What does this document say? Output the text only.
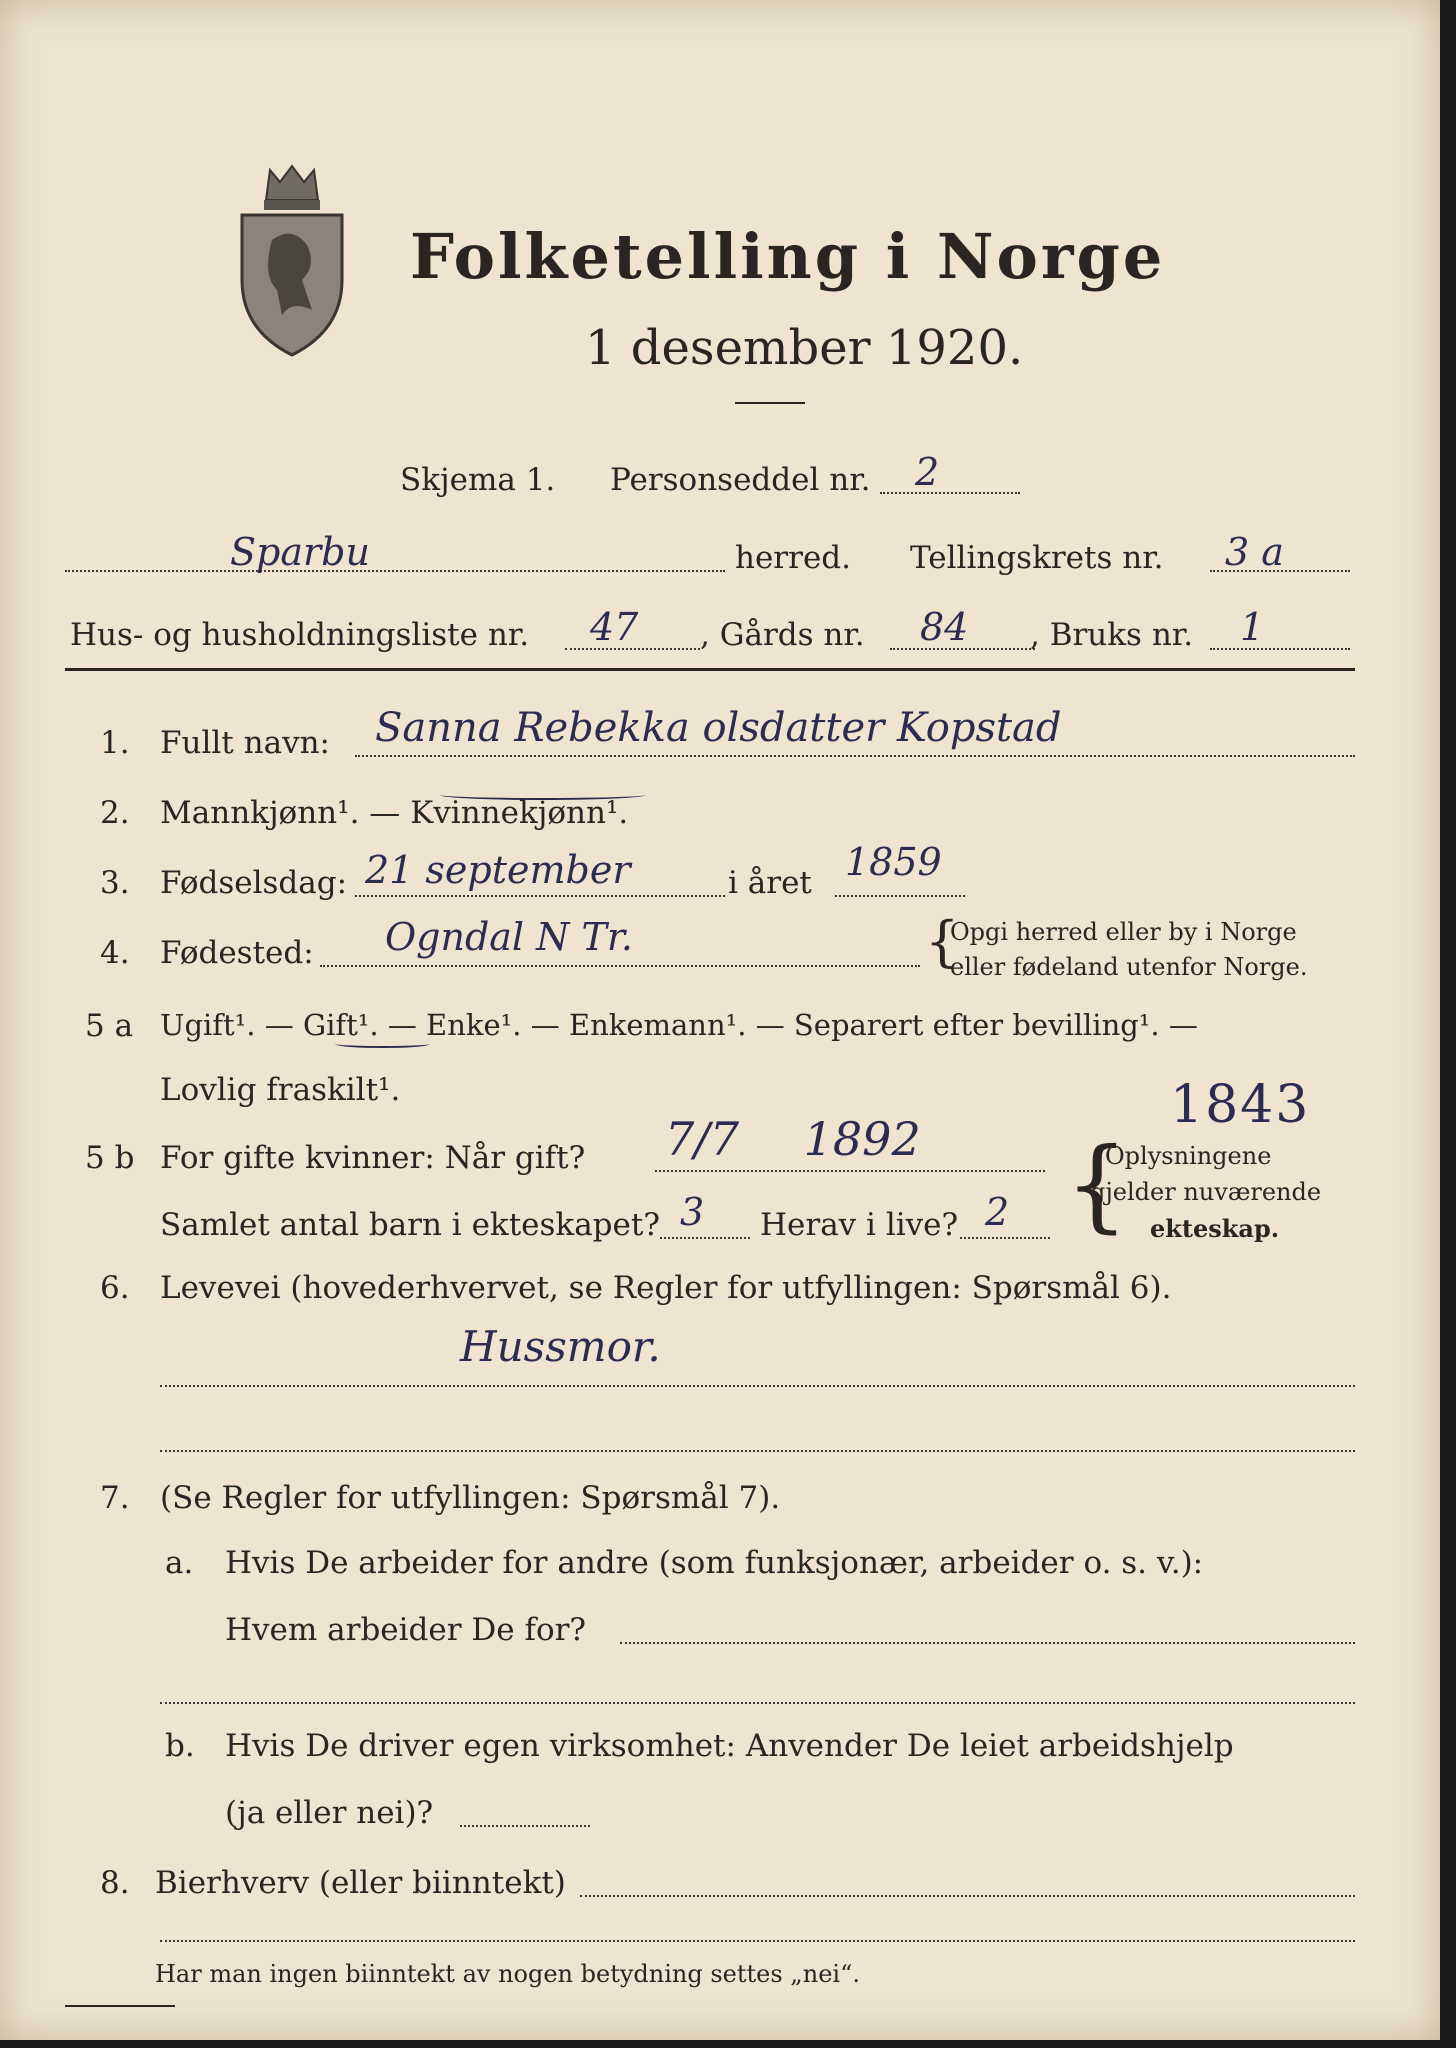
Folketelling i Norge
1 desember 1920.
Skjema 1. Personseddel nr. 2
Sparbu	herred. Tellingskrets nr. 3 a
Hus- og husholdningsliste nr. 47 , Gårds nr. 84 , Bruks nr. 1
1. Fullt navn: Sanna Rebekka olsdatter Kopstad
2. Mannkjønn¹. — Kvinnekjønn¹.
3. Fødselsdag: 21 september	i året 1859
4. Fødested: Ogndal N Tr.	{
Opgi herred eller by i Norge
eller fødeland utenfor Norge.
5 a Ugift¹. — Gift¹. — Enke¹. — Enkemann¹. — Separert efter bevilling¹. —
Lovlig fraskilt¹.	1843
5 b For gifte kvinner: Når gift? 7/7 1892
Samlet antal barn i ekteskapet? 3 Herav i live? 2 {
Oplysningene
gjelder nuværende
ekteskap.
6. Levevei (hovederhvervet, se Regler for utfyllingen: Spørsmål 6).
Hussmor.
7. (Se Regler for utfyllingen: Spørsmål 7).
a. Hvis De arbeider for andre (som funksjonær, arbeider o. s. v.):
Hvem arbeider De for?
b. Hvis De driver egen virksomhet: Anvender De leiet arbeidshjelp
(ja eller nei)?
8. Bierhverv (eller biinntekt)
Har man ingen biinntekt av nogen betydning settes „nei“.
